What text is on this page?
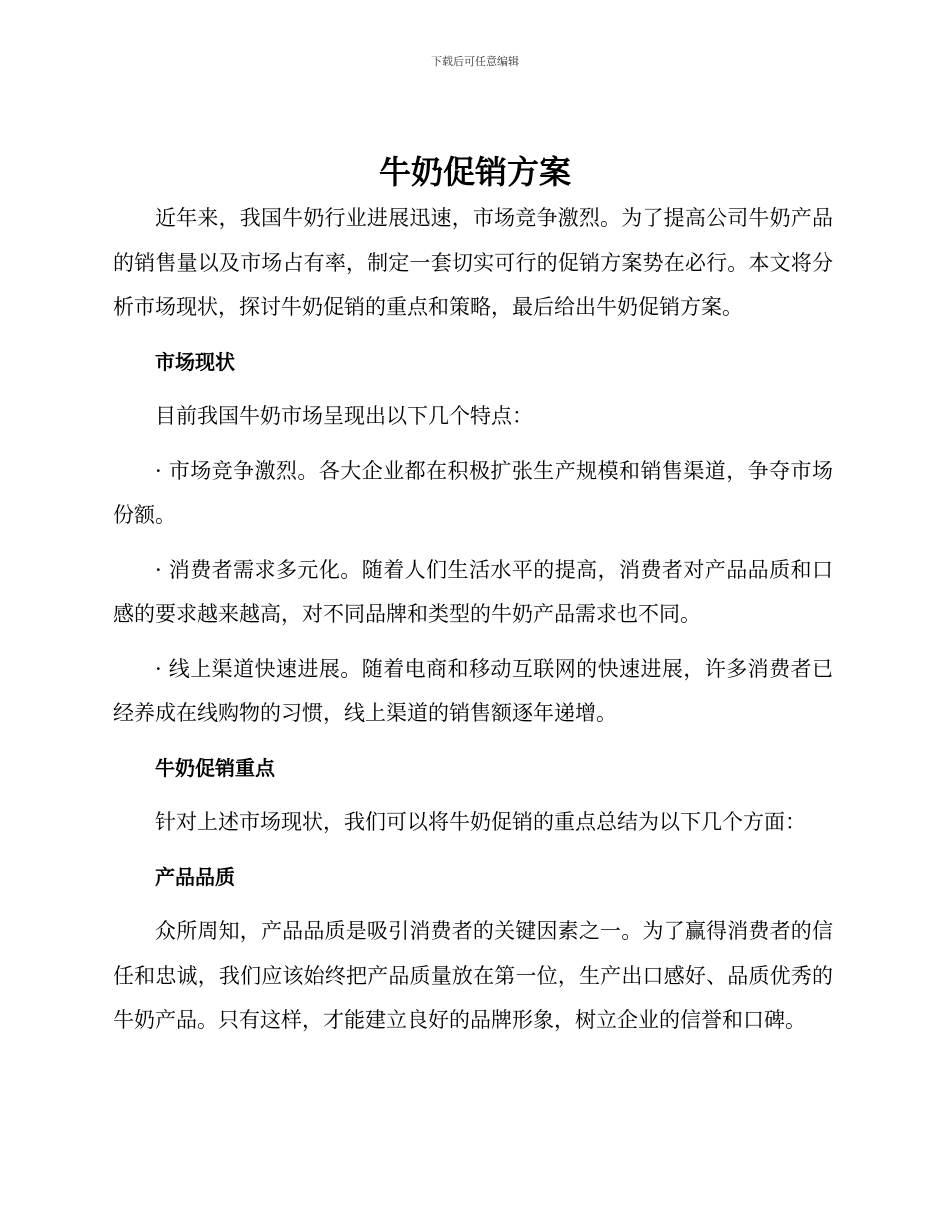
下载后可任意编辑
牛奶促销方案

近年来，我国牛奶行业进展迅速，市场竞争激烈。为了提高公司牛奶产品的销售量以及市场占有率，制定一套切实可行的促销方案势在必行。本文将分析市场现状，探讨牛奶促销的重点和策略，最后给出牛奶促销方案。

市场现状

目前我国牛奶市场呈现出以下几个特点：

· 市场竞争激烈。各大企业都在积极扩张生产规模和销售渠道，争夺市场份额。

· 消费者需求多元化。随着人们生活水平的提高，消费者对产品品质和口感的要求越来越高，对不同品牌和类型的牛奶产品需求也不同。

· 线上渠道快速进展。随着电商和移动互联网的快速进展，许多消费者已经养成在线购物的习惯，线上渠道的销售额逐年递增。

牛奶促销重点

针对上述市场现状，我们可以将牛奶促销的重点总结为以下几个方面：

产品品质

众所周知，产品品质是吸引消费者的关键因素之一。为了赢得消费者的信任和忠诚，我们应该始终把产品质量放在第一位，生产出口感好、品质优秀的牛奶产品。只有这样，才能建立良好的品牌形象，树立企业的信誉和口碑。
